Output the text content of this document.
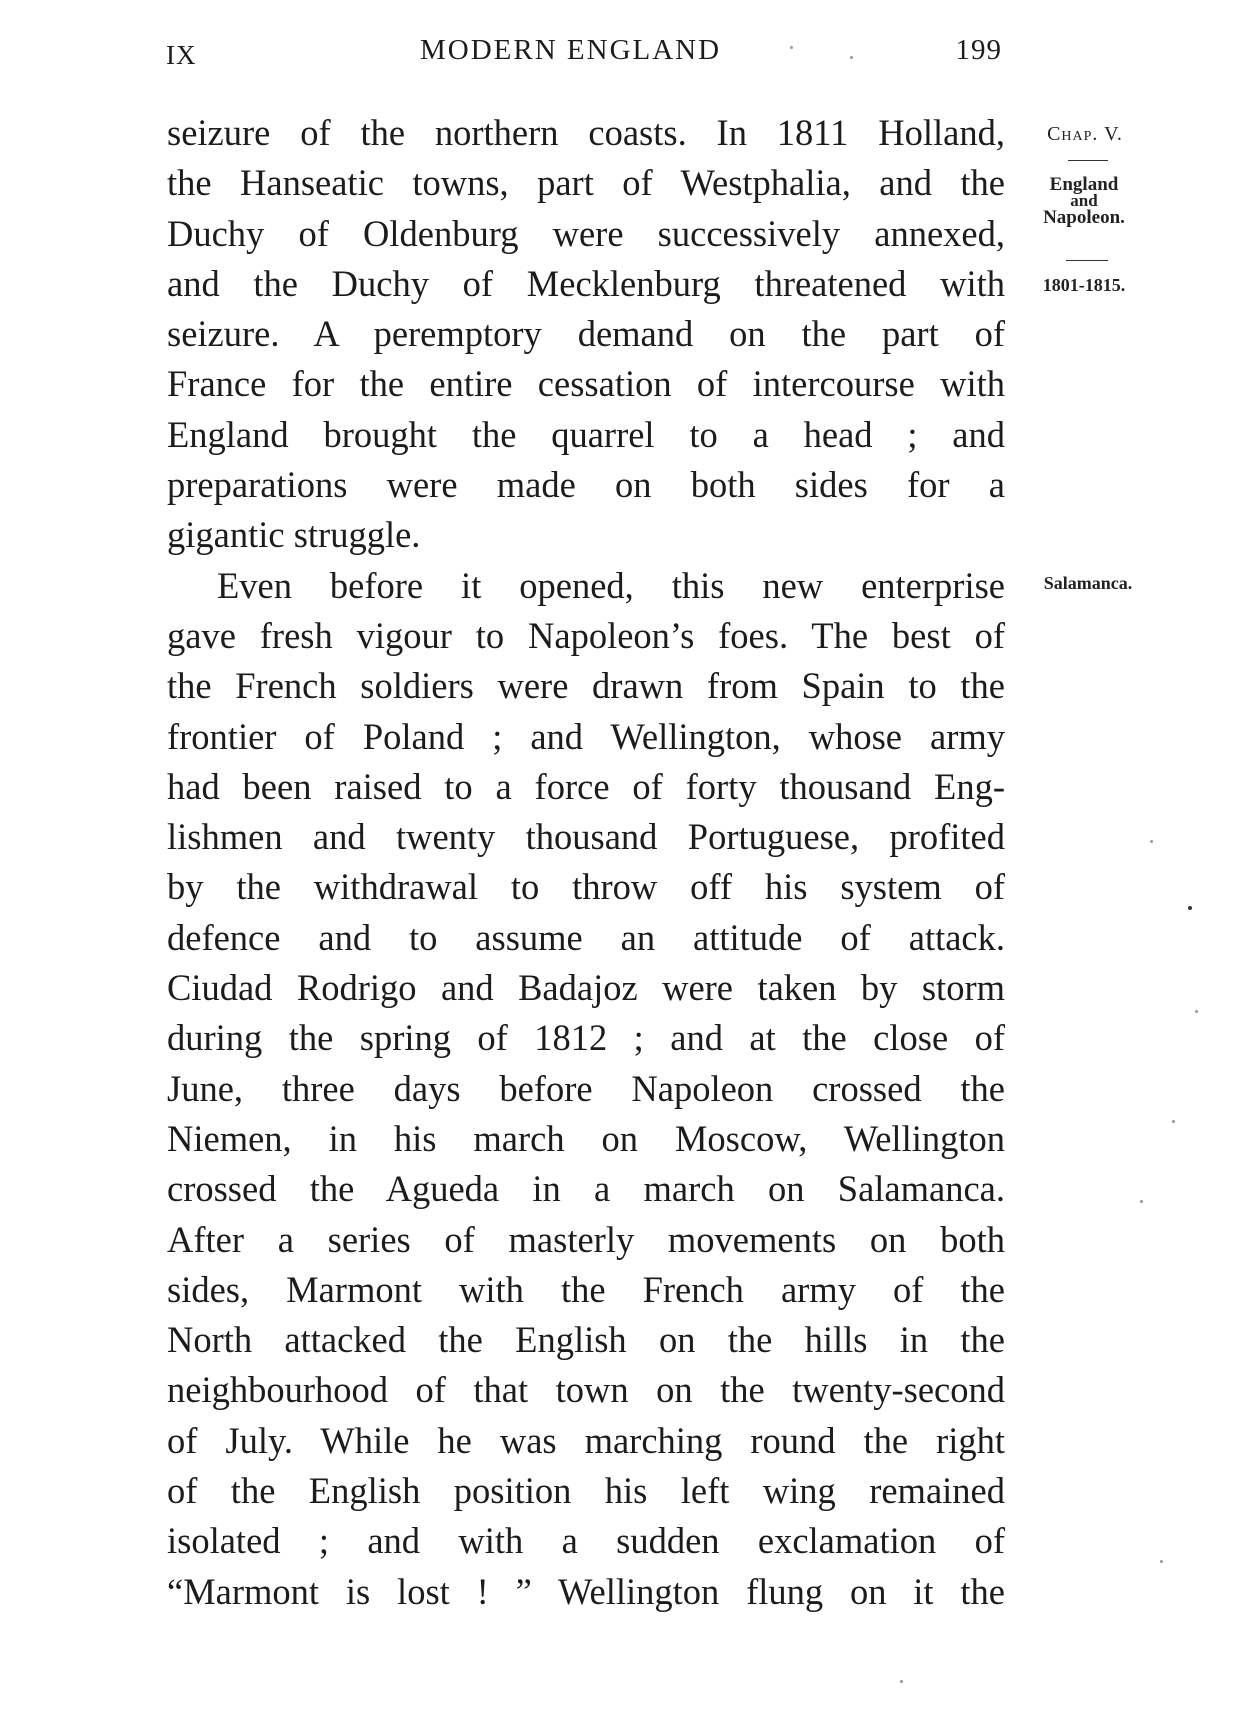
IX	MODERN ENGLAND	199
Chap. V.
England
and
Napoleon.
1801-1815.
Salamanca.
seizure of the northern coasts. In 1811 Holland,
the Hanseatic towns, part of Westphalia, and the
Duchy of Oldenburg were successively annexed,
and the Duchy of Mecklenburg threatened with
seizure. A peremptory demand on the part of
France for the entire cessation of intercourse with
England brought the quarrel to a head ; and
preparations were made on both sides for a
gigantic struggle.
Even before it opened, this new enterprise
gave fresh vigour to Napoleon’s foes. The best of
the French soldiers were drawn from Spain to the
frontier of Poland ; and Wellington, whose army
had been raised to a force of forty thousand Eng-
lishmen and twenty thousand Portuguese, profited
by the withdrawal to throw off his system of
defence and to assume an attitude of attack.
Ciudad Rodrigo and Badajoz were taken by storm
during the spring of 1812 ; and at the close of
June, three days before Napoleon crossed the
Niemen, in his march on Moscow, Wellington
crossed the Agueda in a march on Salamanca.
After a series of masterly movements on both
sides, Marmont with the French army of the
North attacked the English on the hills in the
neighbourhood of that town on the twenty-second
of July. While he was marching round the right
of the English position his left wing remained
isolated ; and with a sudden exclamation of
“Marmont is lost ! ” Wellington flung on it the
